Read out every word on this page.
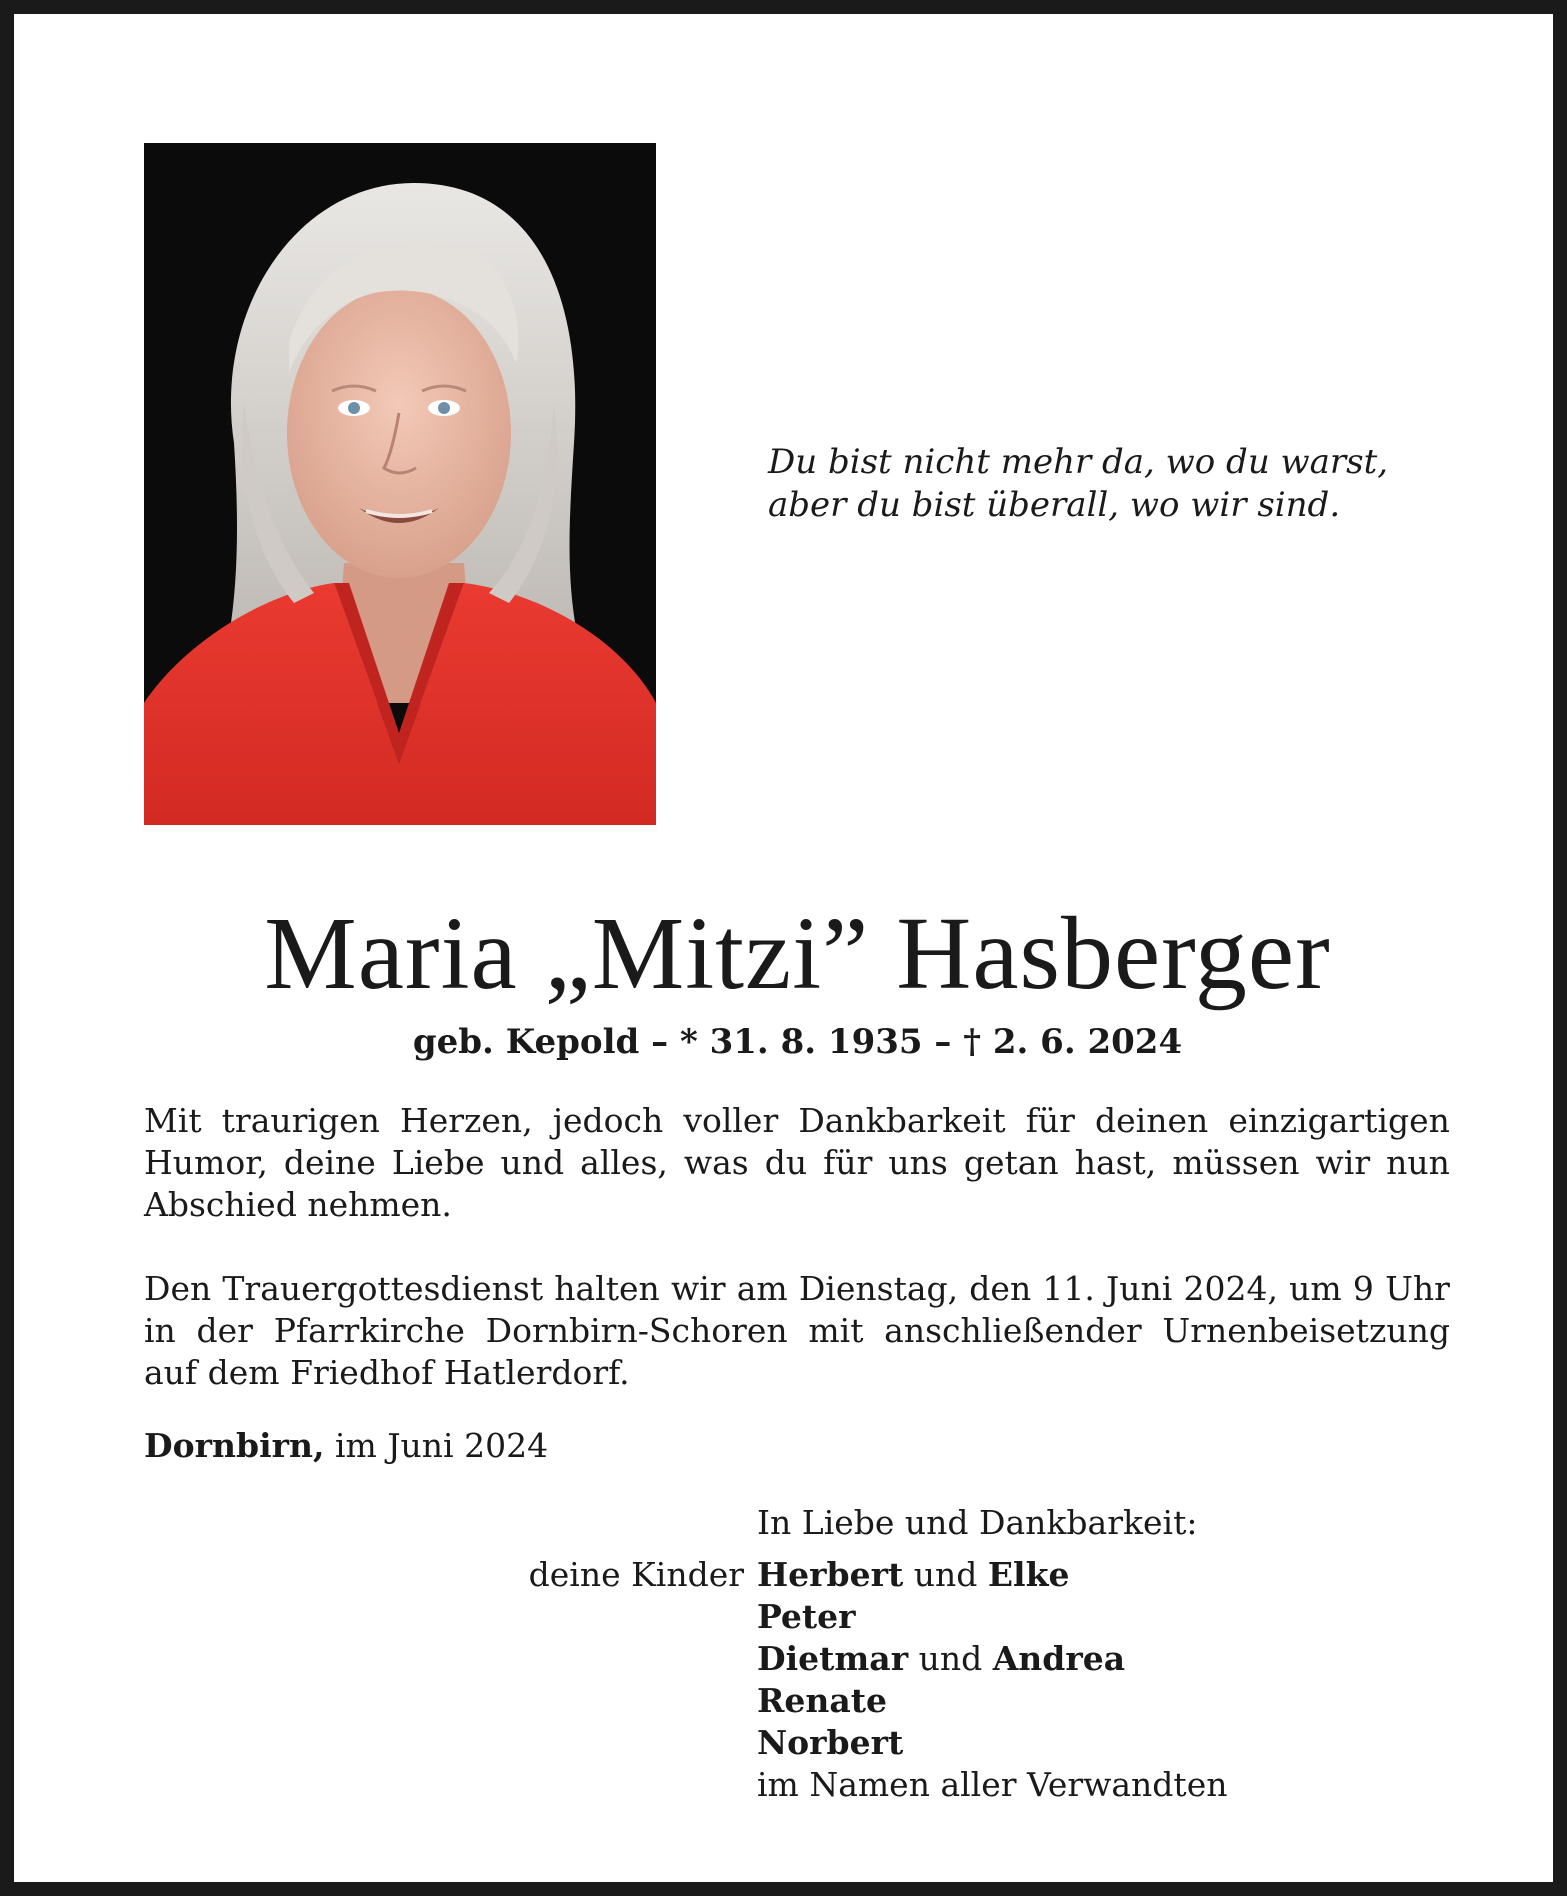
Du bist nicht mehr da, wo du warst,
aber du bist überall, wo wir sind.
Maria „Mitzi” Hasberger
geb. Kepold – * 31. 8. 1935 – † 2. 6. 2024
Mit traurigen Herzen, jedoch voller Dankbarkeit für deinen einzigartigen
Humor, deine Liebe und alles, was du für uns getan hast, müssen wir nun
Abschied nehmen.
Den Trauergottesdienst halten wir am Dienstag, den 11. Juni 2024, um 9 Uhr
in der Pfarrkirche Dornbirn-Schoren mit anschließender Urnenbeisetzung
auf dem Friedhof Hatlerdorf.
Dornbirn, im Juni 2024
In Liebe und Dankbarkeit:
deine Kinder Herbert und Elke
Peter
Dietmar und Andrea
Renate
Norbert
im Namen aller Verwandten
